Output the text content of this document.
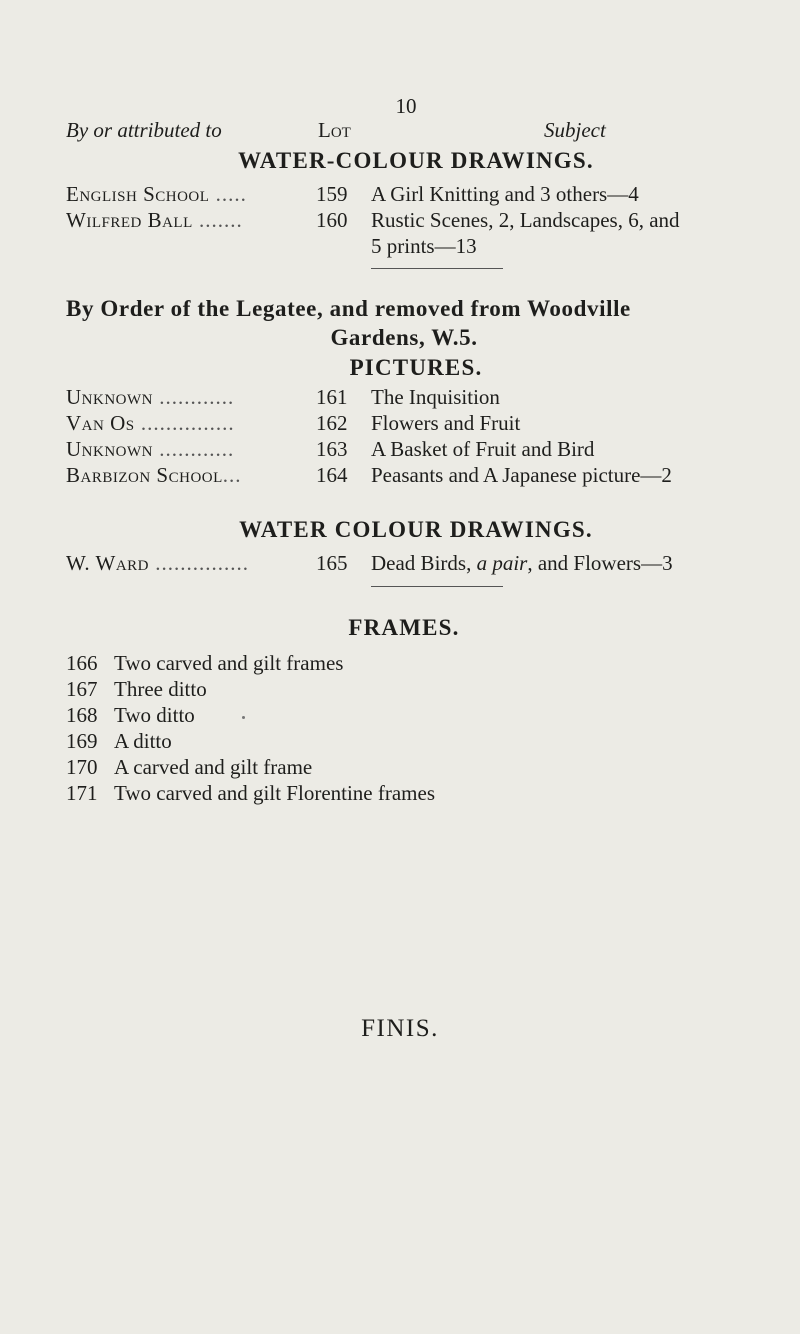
10
By or attributed to	Lot	Subject
WATER-COLOUR DRAWINGS.
English School .....	159 A Girl Knitting and 3 others—4
Wilfred Ball .......	160 Rustic Scenes, 2, Landscapes, 6, and
5 prints—13
By Order of the Legatee, and removed from Woodville
Gardens, W.5.
PICTURES.
Unknown ............	161 The Inquisition
Van Os ...............	162 Flowers and Fruit
Unknown ............	163 A Basket of Fruit and Bird
Barbizon School...	164 Peasants and A Japanese picture—2
WATER COLOUR DRAWINGS.
W. Ward ...............	165 Dead Birds, a pair, and Flowers—3
FRAMES.
166 Two carved and gilt frames
167 Three ditto
168 Two ditto
169 A ditto
170 A carved and gilt frame
171 Two carved and gilt Florentine frames
FINIS.
